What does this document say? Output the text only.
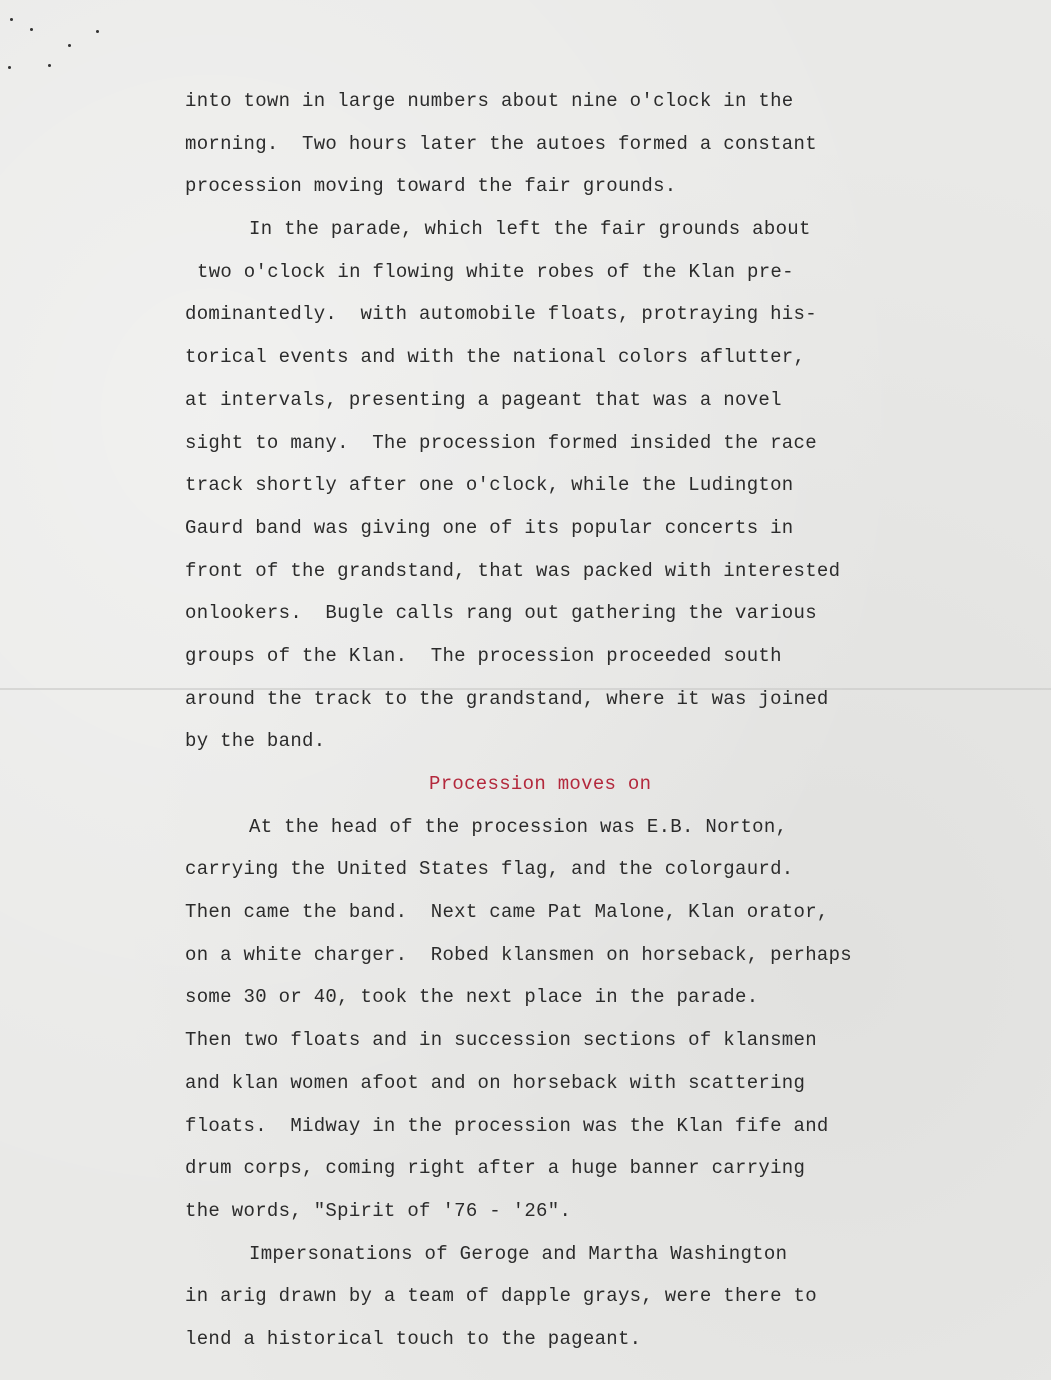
into town in large numbers about nine o'clock in the
morning.  Two hours later the autoes formed a constant
procession moving toward the fair grounds.
In the parade, which left the fair grounds about
two o'clock in flowing white robes of the Klan pre-
dominantedly.  with automobile floats, protraying his-
torical events and with the national colors aflutter,
at intervals, presenting a pageant that was a novel
sight to many.  The procession formed insided the race
track shortly after one o'clock, while the Ludington
Gaurd band was giving one of its popular concerts in
front of the grandstand, that was packed with interested
onlookers.  Bugle calls rang out gathering the various
groups of the Klan.  The procession proceeded south
around the track to the grandstand, where it was joined
by the band.
Procession moves on
At the head of the procession was E.B. Norton,
carrying the United States flag, and the colorgaurd.
Then came the band.  Next came Pat Malone, Klan orator,
on a white charger.  Robed klansmen on horseback, perhaps
some 30 or 40, took the next place in the parade.
Then two floats and in succession sections of klansmen
and klan women afoot and on horseback with scattering
floats.  Midway in the procession was the Klan fife and
drum corps, coming right after a huge banner carrying
the words, "Spirit of '76 - '26".
Impersonations of Geroge and Martha Washington
in arig drawn by a team of dapple grays, were there to
lend a historical touch to the pageant.
